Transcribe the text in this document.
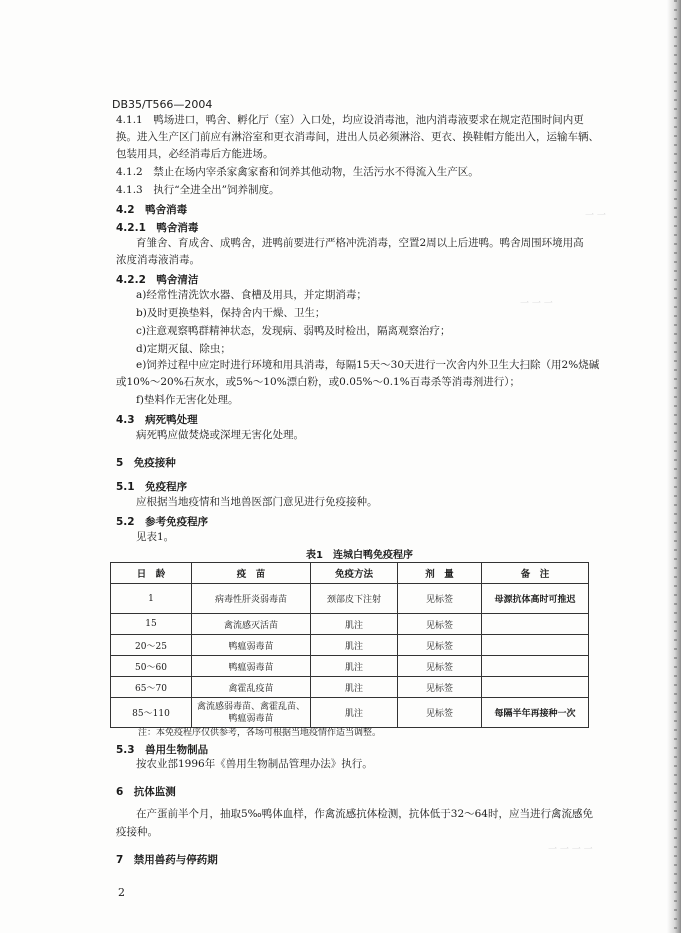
一 一
一 一 一
一 一 一 一
DB35/T566—2004
4.1.1　鸭场进口，鸭舍、孵化厅（室）入口处，均应设消毒池，池内消毒液要求在规定范围时间内更
换。进入生产区门前应有淋浴室和更衣消毒间，进出人员必须淋浴、更衣、换鞋帽方能出入，运输车辆、
包装用具，必经消毒后方能进场。
4.1.2　禁止在场内宰杀家禽家畜和饲养其他动物，生活污水不得流入生产区。
4.1.3　执行“全进全出”饲养制度。
4.2　鸭舍消毒
4.2.1　鸭舍消毒
育雏舍、育成舍、成鸭舍，进鸭前要进行严格冲洗消毒，空置2周以上后进鸭。鸭舍周围环境用高
浓度消毒液消毒。
4.2.2　鸭舍清洁
a)经常性清洗饮水器、食槽及用具，并定期消毒；
b)及时更换垫料，保持舍内干燥、卫生；
c)注意观察鸭群精神状态，发现病、弱鸭及时检出，隔离观察治疗；
d)定期灭鼠、除虫；
e)饲养过程中应定时进行环境和用具消毒，每隔15天～30天进行一次舍内外卫生大扫除（用2%烧碱
或10%～20%石灰水，或5%～10%漂白粉，或0.05%～0.1%百毒杀等消毒剂进行）；
f)垫料作无害化处理。
4.3　病死鸭处理
病死鸭应做焚烧或深埋无害化处理。
5　免疫接种
5.1　免疫程序
应根据当地疫情和当地兽医部门意见进行免疫接种。
5.2　参考免疫程序
见表1。
表1　连城白鸭免疫程序
日　龄	疫　苗	免疫方法	剂　量	备　注
1	病毒性肝炎弱毒苗	颈部皮下注射	见标签	母源抗体高时可推迟
15	禽流感灭活苗	肌注	见标签	
20～25	鸭瘟弱毒苗	肌注	见标签	
50～60	鸭瘟弱毒苗	肌注	见标签	
65～70	禽霍乱疫苗	肌注	见标签	
85～110	禽流感弱毒苗、禽霍乱苗、鸭瘟弱毒苗	肌注	见标签	每隔半年再接种一次
注：本免疫程序仅供参考，各场可根据当地疫情作适当调整。
5.3　兽用生物制品
按农业部1996年《兽用生物制品管理办法》执行。
6　抗体监测
在产蛋前半个月，抽取5‰鸭体血样，作禽流感抗体检测，抗体低于32～64时，应当进行禽流感免
疫接种。
7　禁用兽药与停药期
2
